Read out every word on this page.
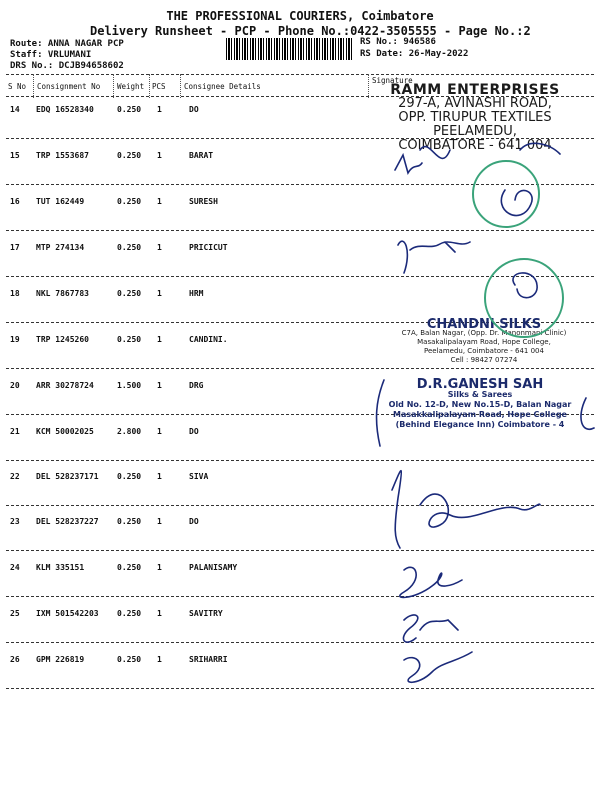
THE PROFESSIONAL COURIERS, Coimbatore
Delivery Runsheet - PCP - Phone No.:0422-3505555 - Page No.:2
Route: ANNA NAGAR PCP
Staff: VRLUMANI
DRS No.: DCJB94658602
RS No.: 946586
RS Date: 26-May-2022
S No Consignment No Weight PCS Consignee Details
Signature
14 EDQ 16528340	0.250 1	DO
15 TRP 1553687	0.250 1	BARAT
16 TUT 162449	0.250 1	SURESH
17 MTP 274134	0.250 1	PRICICUT
18 NKL 7867783	0.250 1	HRM
19 TRP 1245260	0.250 1	CANDINI.
20 ARR 30278724	1.500 1	DRG
21 KCM 50002025	2.800 1	DO
22 DEL 528237171 0.250 1	SIVA
23 DEL 528237227 0.250 1	DO
24 KLM 335151	0.250 1	PALANISAMY
25 IXM 501542203 0.250 1	SAVITRY
26 GPM 226819	0.250 1	SRIHARRI
RAMM ENTERPRISES
297-A, AVINASHI ROAD,
OPP. TIRUPUR TEXTILES
PEELAMEDU,
COIMBATORE - 641 004
CHANDNI SILKS
C7A, Balan Nagar, (Opp. Dr. Manonmani Clinic)
Masakalipalayam Road, Hope College,
Peelamedu, Coimbatore - 641 004
Cell : 98427 07274
D.R.GANESH SAH
Silks & Sarees
Old No. 12-D, New No.15-D, Balan Nagar
Masakkalipalayam Road, Hope College
(Behind Elegance Inn) Coimbatore - 4
